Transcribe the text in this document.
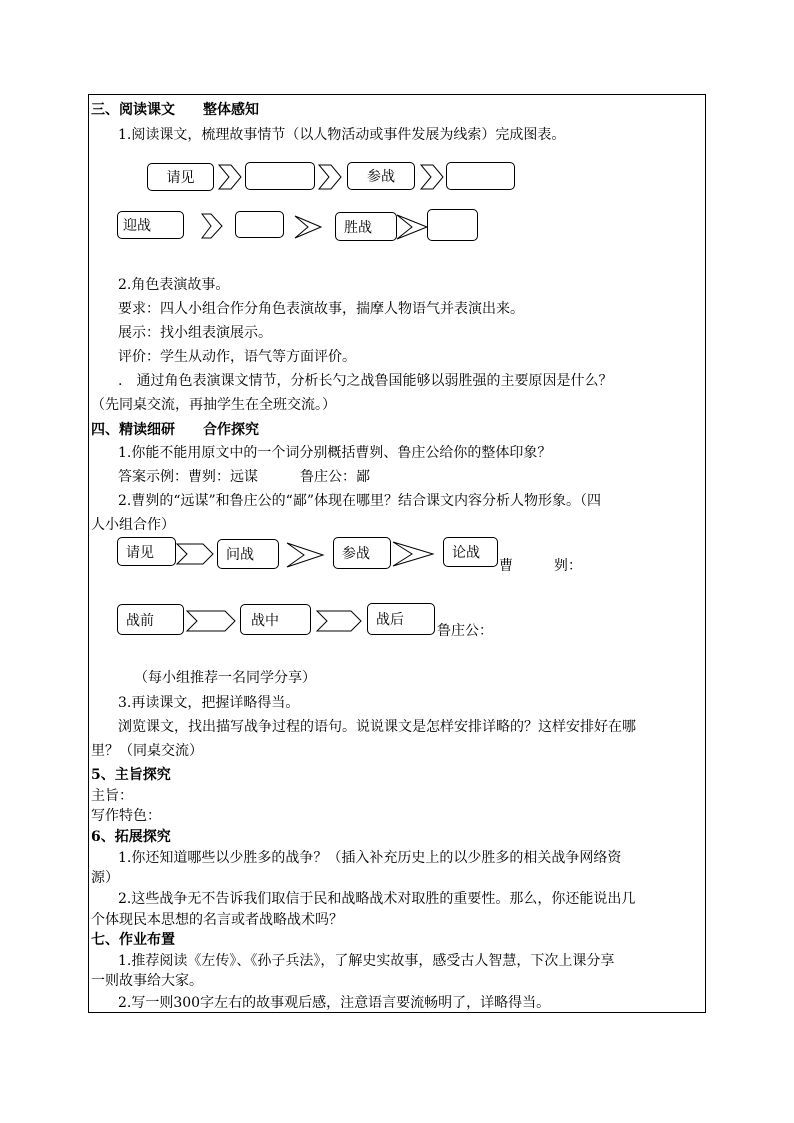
三、阅读课文　　整体感知
1.阅读课文，梳理故事情节（以人物活动或事件发展为线索）完成图表。
请见	参战
迎战	胜战
2.角色表演故事。
要求：四人小组合作分角色表演故事，揣摩人物语气并表演出来。
展示：找小组表演展示。
评价：学生从动作，语气等方面评价。
.　通过角色表演课文情节，分析长勺之战鲁国能够以弱胜强的主要原因是什么？
（先同桌交流，再抽学生在全班交流。）
四、精读细研　　合作探究
1.你能不能用原文中的一个词分别概括曹刿、鲁庄公给你的整体印象？
答案示例：曹刿：远谋　　　鲁庄公：鄙
2.曹刿的“远谋”和鲁庄公的“鄙”体现在哪里？结合课文内容分析人物形象。（四
人小组合作）
请见	问战	参战	论战
曹	刿：
战前	战中	战后
鲁庄公：
（每小组推荐一名同学分享）
3.再读课文，把握详略得当。
浏览课文，找出描写战争过程的语句。说说课文是怎样安排详略的？这样安排好在哪
里？（同桌交流）
5、主旨探究
主旨：
写作特色：
6、拓展探究
1.你还知道哪些以少胜多的战争？（插入补充历史上的以少胜多的相关战争网络资
源）
2.这些战争无不告诉我们取信于民和战略战术对取胜的重要性。那么，你还能说出几
个体现民本思想的名言或者战略战术吗？
七、作业布置
1.推荐阅读《左传》、《孙子兵法》，了解史实故事，感受古人智慧，下次上课分享
一则故事给大家。
2.写一则300字左右的故事观后感，注意语言要流畅明了，详略得当。
